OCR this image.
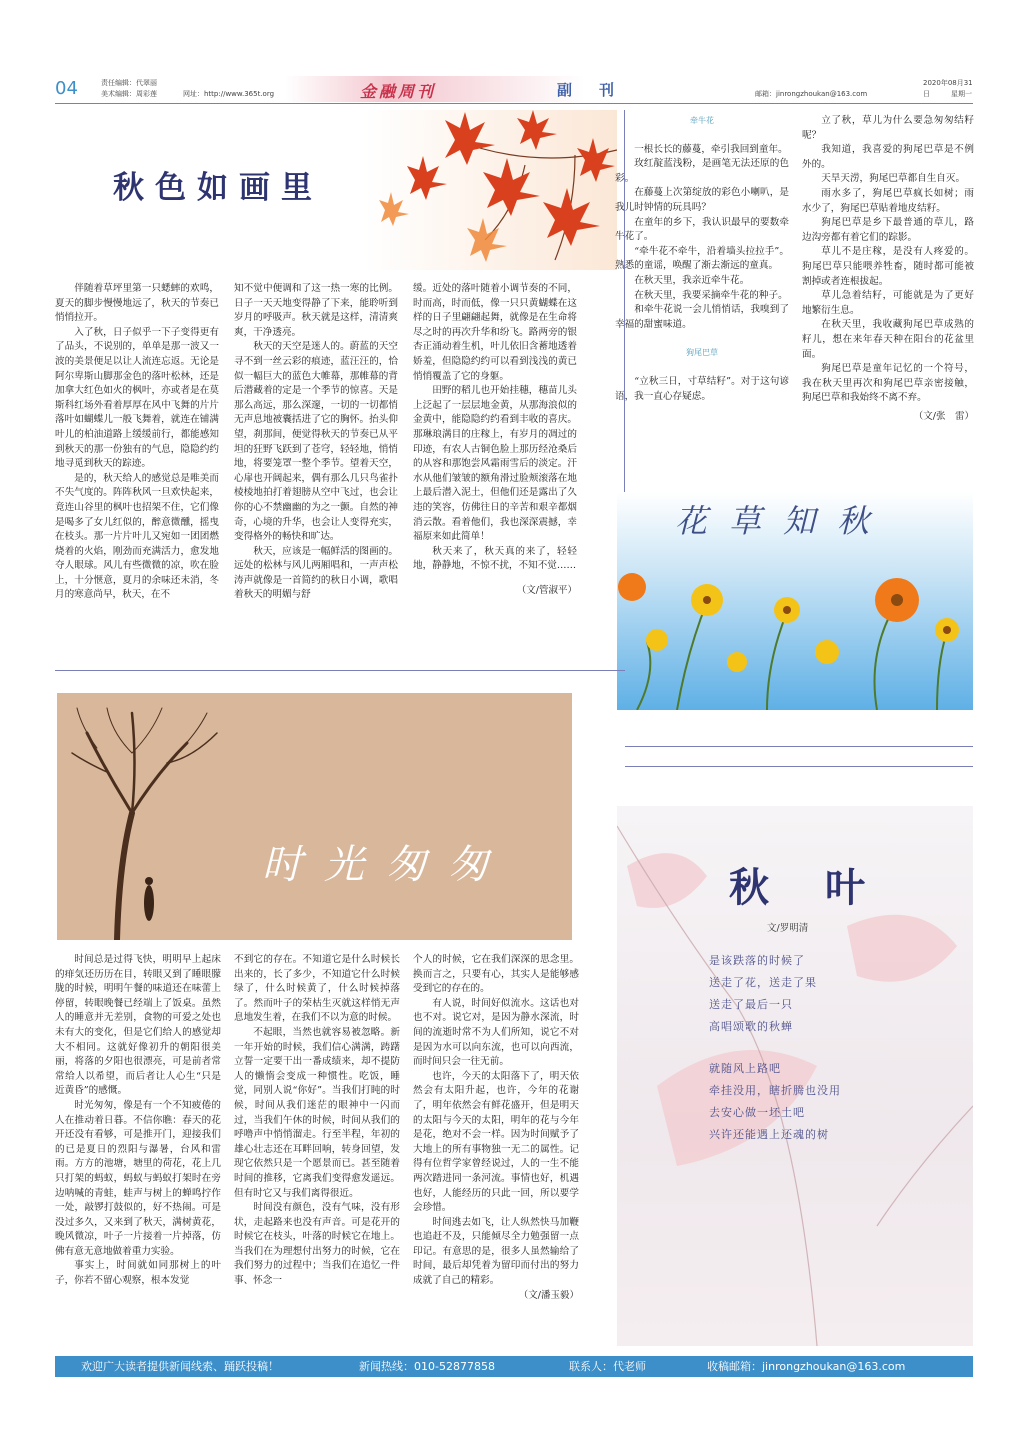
04	责任编辑：代翠丽
美术编辑：周彩莲	网址：http://www.365t.org	金融周刊	副　刊	邮箱：jinrongzhoukan@163.com
2020年08月31日	星期一
秋色如画里

伴随着草坪里第一只蟋蟀的欢鸣，夏天的脚步慢慢地远了，秋天的节奏已悄悄拉开。

入了秋，日子似乎一下子变得更有了品头，不说别的，单单是那一波又一波的美景便足以让人流连忘返。无论是阿尔卑斯山脚那金色的落叶松林，还是加拿大红色如火的枫叶，亦或者是在莫斯科红场外看着厚厚在风中飞舞的片片落叶如蝴蝶儿一般飞舞着，就连在铺满叶儿的柏油道路上缓缓前行，都能感知到秋天的那一份独有的气息，隐隐约约地寻觅到秋天的踪迹。

是的，秋天给人的感觉总是唯美而不失气度的。阵阵秋风一旦欢快起来，竟连山谷里的枫叶也招架不住，它们像是喝多了女儿红似的，醉意微醺，摇曳在枝头。那一片片叶儿又宛如一团团燃烧着的火焰，刚劲而充满活力，愈发地夺人眼球。风儿有些微微的凉，吹在脸上，十分惬意，夏月的余味还未消，冬月的寒意尚早，秋天，在不

知不觉中便调和了这一热一寒的比例。日子一天天地变得静了下来，能聆听到岁月的呼吸声。秋天就是这样，清清爽爽，干净透亮。

秋天的天空是迷人的。蔚蓝的天空寻不到一丝云彩的痕迹，蓝汪汪的，恰似一幅巨大的蓝色大帷幕，那帷幕的背后潜藏着的定是一个季节的惊喜。天是那么高远，那么深邃，一切的一切都悄无声息地被囊括进了它的胸怀。抬头仰望，刹那间，便觉得秋天的节奏已从平坦的狂野飞跃到了苍穹，轻轻地，悄悄地，将要笼罩一整个季节。望着天空，心扉也开阔起来，偶有那么几只鸟雀扑棱棱地拍打着翅膀从空中飞过，也会让你的心不禁幽幽的为之一颤。自然的神奇，心境的升华，也会让人变得充实，变得格外的畅快和旷达。

秋天，应该是一幅鲜活的图画的。远处的松林与风儿两厢唱和，一声声松涛声就像是一首简约的秋日小调，歌唱着秋天的明媚与舒

缓。近处的落叶随着小调节奏的不同，时而高，时而低，像一只只黄蝴蝶在这样的日子里翩翩起舞，就像是在生命将尽之时的再次升华和纷飞。路两旁的银杏正涌动着生机，叶儿依旧含蓄地透着娇羞，但隐隐约约可以看到浅浅的黄已悄悄覆盖了它的身躯。

田野的稻儿也开始挂穗，穗苗儿头上泛起了一层层地金黄，从那海浪似的金黄中，能隐隐约约看到丰收的喜庆。那琳琅满目的庄稼上，有岁月的凋过的印迹，有农人古铜色脸上那历经沧桑后的从容和那饱尝风霜雨雪后的淡定。汗水从他们皱皱的额角滑过脸颊滚落在地上最后潜入泥土，但他们还是露出了久违的笑容，仿佛往日的辛苦和艰辛都烟消云散。看着他们，我也深深震撼，幸福原来如此简单！

秋天来了，秋天真的来了，轻轻地，静静地，不惊不扰，不知不觉……

（文/管淑平）
牵牛花

一根长长的藤蔓，牵引我回到童年。

玫红靛蓝浅粉，是画笔无法还原的色彩。

在藤蔓上次第绽放的彩色小喇叭，是我儿时钟情的玩具吗？

在童年的乡下，我认识最早的要数牵牛花了。

“牵牛花不牵牛，沿着墙头拉拉手”。熟悉的童谣，唤醒了渐去渐远的童真。

在秋天里，我亲近牵牛花。

在秋天里，我要采摘牵牛花的种子。

和牵牛花说一会儿悄悄话，我嗅到了幸福的甜蜜味道。

狗尾巴草

“立秋三日，寸草结籽”。对于这句谚语，我一直心存疑虑。

立了秋，草儿为什么要急匆匆结籽呢？

我知道，我喜爱的狗尾巴草是不例外的。

天旱天涝，狗尾巴草都自生自灭。

雨水多了，狗尾巴草疯长如树；雨水少了，狗尾巴草贴着地皮结籽。

狗尾巴草是乡下最普通的草儿，路边沟旁都有着它们的踪影。

草儿不是庄稼，是没有人疼爱的。狗尾巴草只能喂养牲畜，随时都可能被割掉或者连根拔起。

草儿急着结籽，可能就是为了更好地繁衍生息。

在秋天里，我收藏狗尾巴草成熟的籽儿，想在来年春天种在阳台的花盆里面。

狗尾巴草是童年记忆的一个符号，我在秋天里再次和狗尾巴草亲密接触，狗尾巴草和我始终不离不弃。

（文/张　雷）
花草知秋
时光匆匆

时间总是过得飞快，明明早上起床的痱気还历历在目，转眼又到了睡眼朦胧的时候，明明午餐的味道还在味蕾上停留，转眼晚餐已经端上了饭桌。虽然人的睡意并无差别，食物的可爱之处也未有大的变化，但是它们给人的感觉却大不相同。这就好像初升的朝阳很美丽，将落的夕阳也很漂亮，可是前者常常给人以希望，而后者让人心生“只是近黄昏”的感慨。

时光匆匆，像是有一个不知疲倦的人在推动着日暮。不信你瞧：春天的花开还没有看够，可是推开门，迎接我们的已是夏日的烈阳与瀑暑，台风和雷雨。方方的池塘，塘里的荷花，花上几只打架的蚂蚁，蚂蚁与蚂蚁打架时在旁边呐喊的青蛙，蛙声与树上的蝉鸣拧作一处，敲锣打鼓似的，好不热闹。可是没过多久，又来到了秋天，满树黄花，晚风微凉，叶子一片接着一片掉落，仿佛有意无意地做着重力实验。

事实上，时间就如同那树上的叶子，你若不留心观察，根本发觉

不到它的存在。不知道它是什么时候长出来的，长了多少，不知道它什么时候绿了，什么时候黄了，什么时候掉落了。然而叶子的荣枯生灭就这样悄无声息地发生着，在我们不以为意的时候。

不起眼，当然也就容易被忽略。新一年开始的时候，我们信心满满，踌躇立誓一定要干出一番成绩来，却不提防人的懒惰会变成一种惯性。吃饭，睡觉，同别人说“你好”。当我们打盹的时候，时间从我们迷茫的眼神中一闪而过，当我们午休的时候，时间从我们的呼噜声中悄悄溜走。行至半程，年初的雄心壮志还在耳畔回响，转身回望，发现它依然只是一个愿景而已。甚至随着时间的推移，它离我们变得愈发遥远。但有时它又与我们离得很近。

时间没有颜色，没有气味，没有形状，走起路来也没有声音。可是花开的时候它在枝头，叶落的时候它在地上。当我们在为理想付出努力的时候，它在我们努力的过程中；当我们在追忆一件事、怀念一

个人的时候，它在我们深深的思念里。换而言之，只要有心，其实人是能够感受到它的存在的。

有人说，时间好似流水。这话也对也不对。说它对，是因为静水深流，时间的流逝时常不为人们所知，说它不对是因为水可以向东流，也可以向西流，而时间只会一往无前。

也许，今天的太阳落下了，明天依然会有太阳升起，也许，今年的花谢了，明年依然会有鲜花盛开，但是明天的太阳与今天的太阳，明年的花与今年是花，绝对不会一样。因为时间赋予了大地上的所有事物独一无二的属性。记得有位哲学家曾经说过，人的一生不能两次踏进同一条河流。事情也好，机遇也好，人能经历的只此一回，所以要学会珍惜。

时间逃去如飞，让人纵然快马加鞭也追赶不及，只能倾尽全力勉强留一点印记。有意思的是，很多人虽然输给了时间，最后却凭着为留印而付出的努力成就了自己的精彩。

（文/潘玉毅）
秋　叶
文/罗明清
是该跌落的时候了
送走了花，送走了果
送走了最后一只
高唱颂歌的秋蝉
就随风上路吧
牵挂没用，瞎折腾也没用
去安心做一坯土吧
兴许还能遇上还魂的树
欢迎广大读者提供新闻线索、踊跃投稿！	新闻热线：010-52877858	联系人：代老师	收稿邮箱：jinrongzhoukan@163.com
